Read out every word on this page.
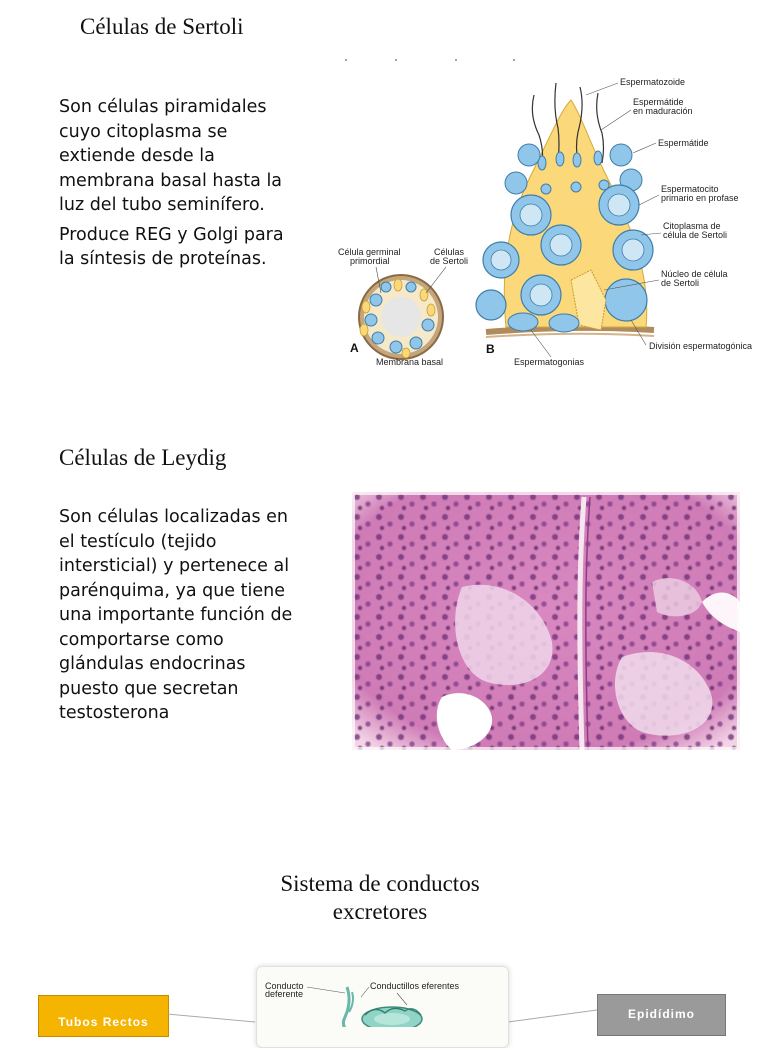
Células de Sertoli

Son células piramidales cuyo citoplasma se extiende desde la membrana basal hasta la luz del tubo seminífero.

Produce REG y Golgi para la síntesis de proteínas.	Célula germinal primordial
Células de Sertoli
A
Membrana basal
B
Espermatozoide
Espermátide en maduración
Espermátide
Espermatocito primario en profase
Citoplasma de célula de Sertoli
Núcleo de célula de Sertoli
División espermatogónica
Espermatogonias
Células de Leydig

Son células localizadas en el testículo (tejido intersticial) y pertenece al parénquima, ya que tiene una importante función de comportarse como glándulas endocrinas puesto que secretan testosterona

Sistema de conductos
excretores
Tubos Rectos
Epidídimo
Conducto deferente
Conductillos eferentes
